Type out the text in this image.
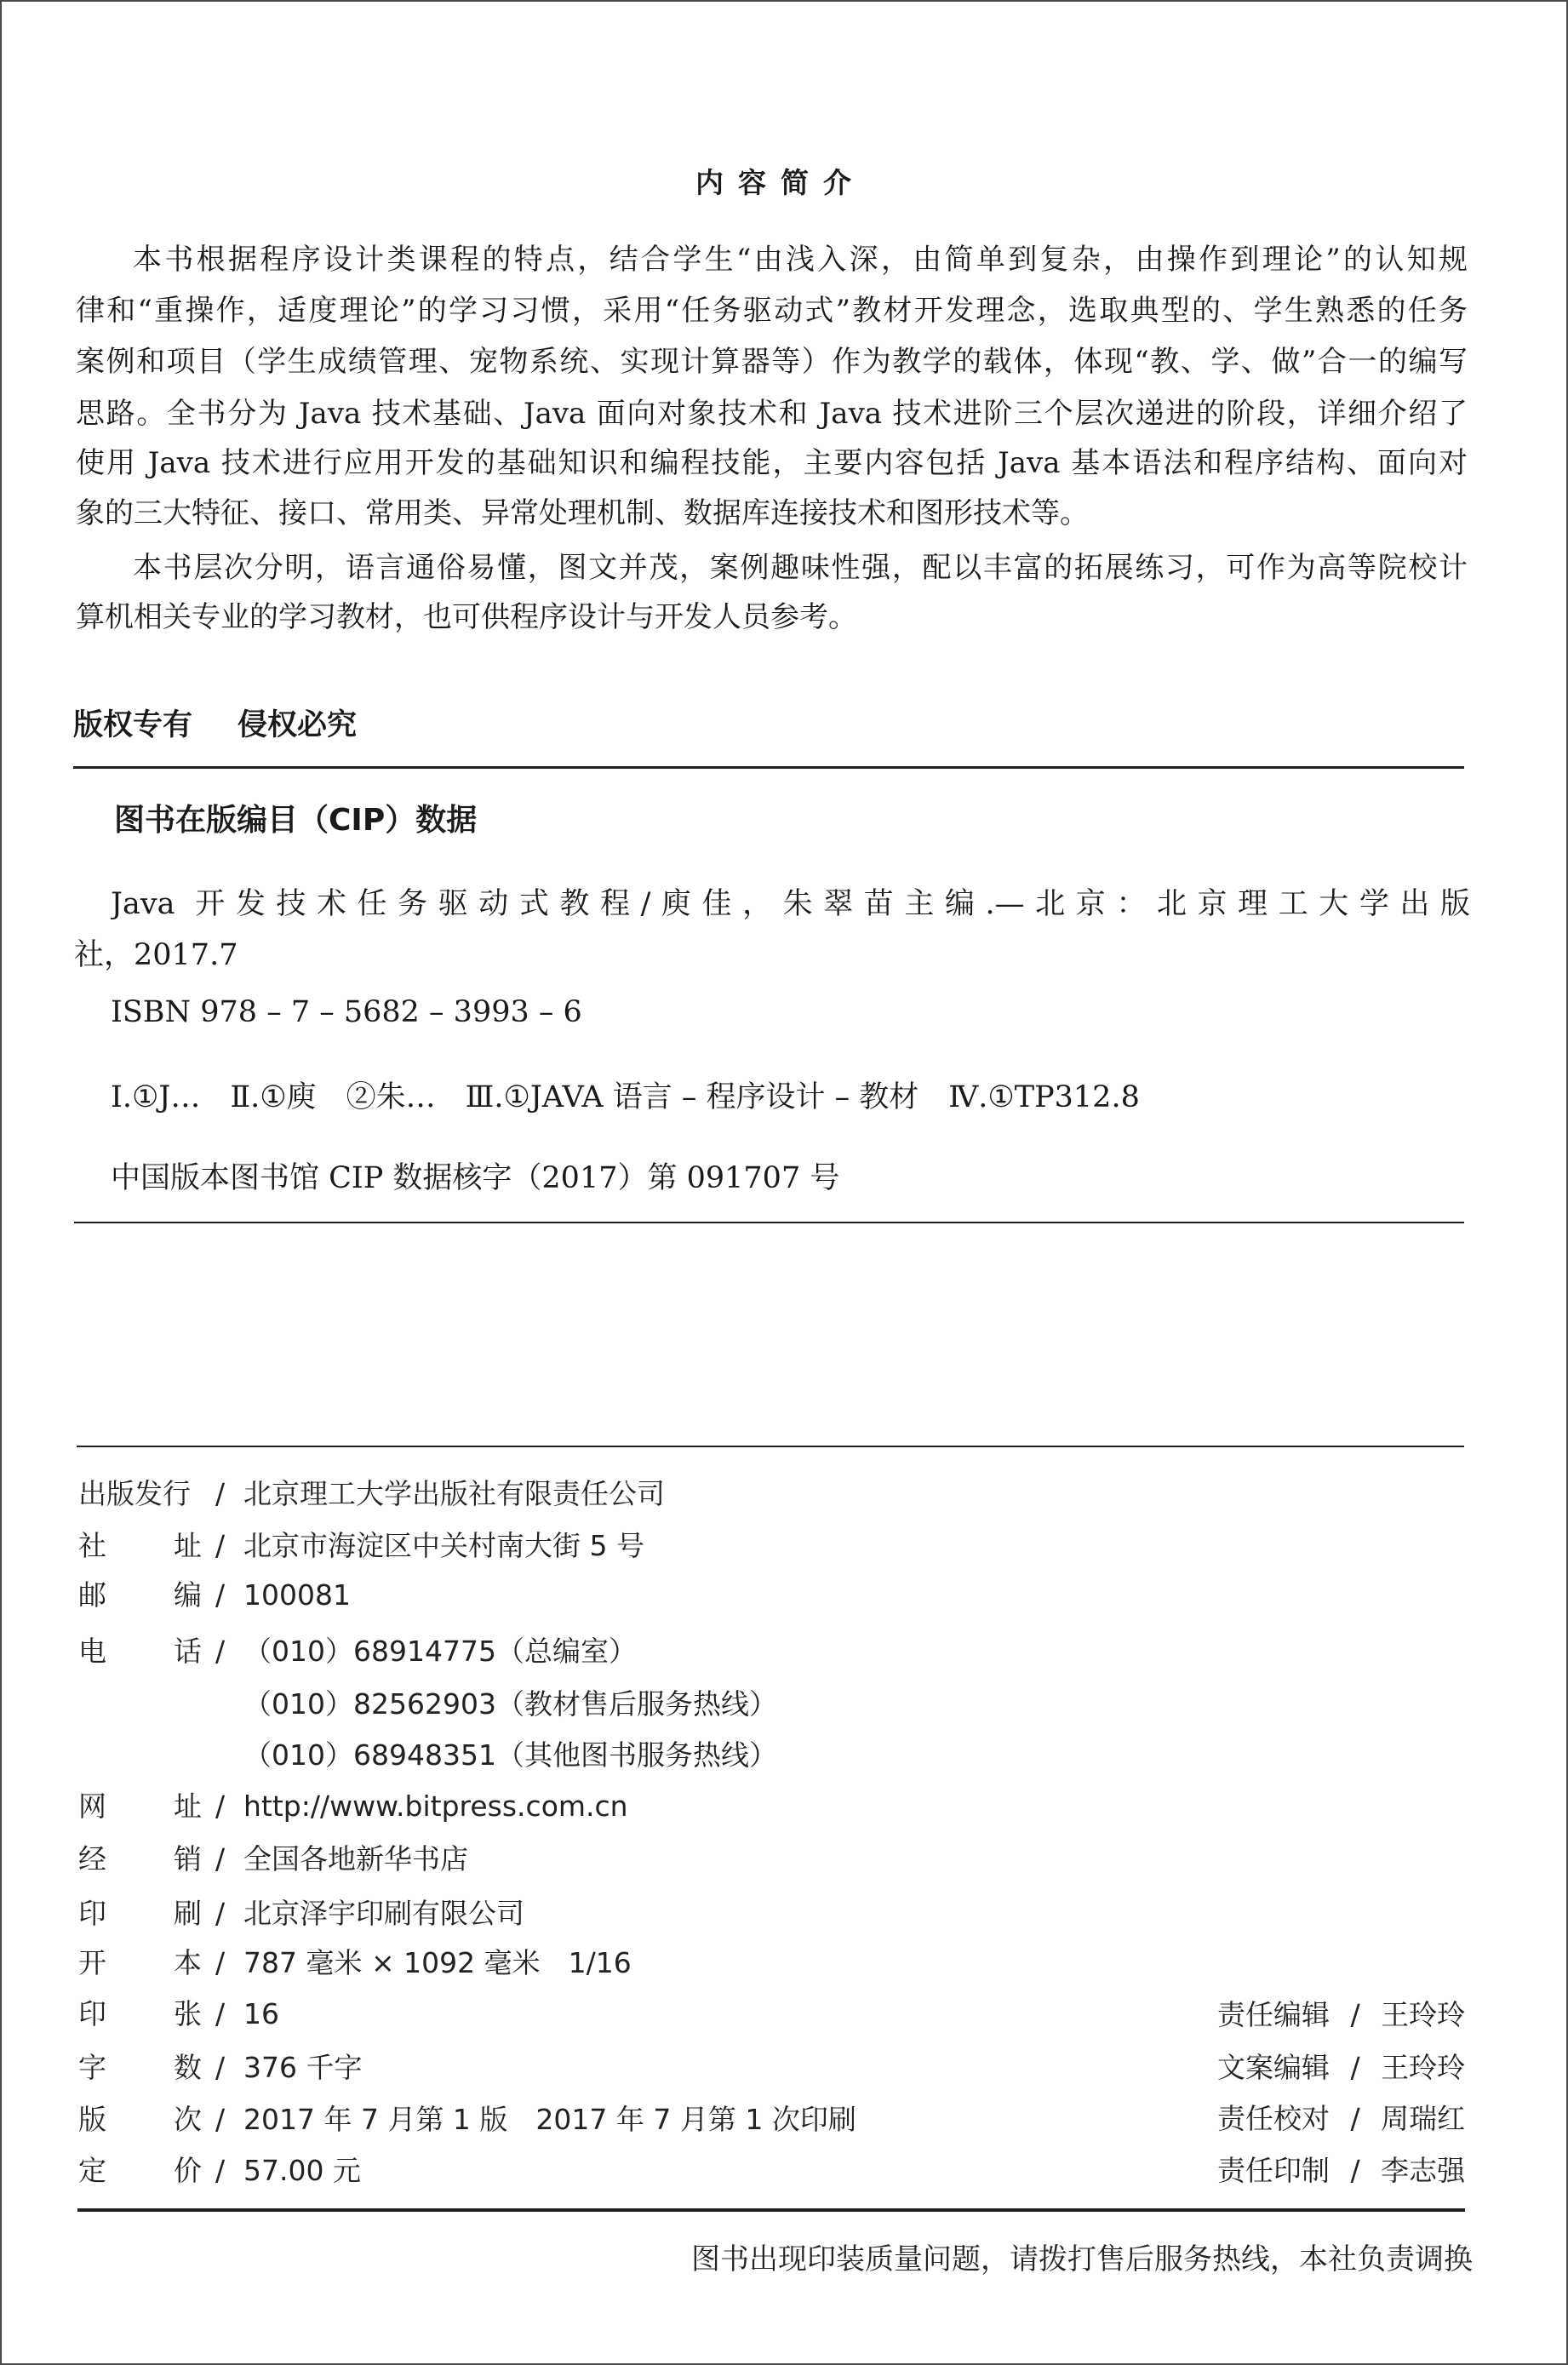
内容简介
本书根据程序设计类课程的特点，结合学生“由浅入深，由简单到复杂，由操作到理论”的认知规
律和“重操作，适度理论”的学习习惯，采用“任务驱动式”教材开发理念，选取典型的、学生熟悉的任务
案例和项目（学生成绩管理、宠物系统、实现计算器等）作为教学的载体，体现“教、学、做”合一的编写
思路。全书分为 Java 技术基础、Java 面向对象技术和 Java 技术进阶三个层次递进的阶段，详细介绍了
使用 Java 技术进行应用开发的基础知识和编程技能，主要内容包括 Java 基本语法和程序结构、面向对
象的三大特征、接口、常用类、异常处理机制、数据库连接技术和图形技术等。
本书层次分明，语言通俗易懂，图文并茂，案例趣味性强，配以丰富的拓展练习，可作为高等院校计
算机相关专业的学习教材，也可供程序设计与开发人员参考。
版权专有 侵权必究
图书在版编目（CIP）数据
Java 开发技术任务驱动式教程/庾佳，朱翠苗主编.—北京：北京理工大学出版
社，2017.7
ISBN 978 – 7 – 5682 – 3993 – 6
Ⅰ.①J…　Ⅱ.①庾　②朱…　Ⅲ.①JAVA 语言 – 程序设计 – 教材　Ⅳ.①TP312.8
中国版本图书馆 CIP 数据核字（2017）第 091707 号
出版发行 / 北京理工大学出版社有限责任公司
社 址 / 北京市海淀区中关村南大街 5 号
邮 编 / 100081
电 话 / （010）68914775（总编室）
（010）82562903（教材售后服务热线）
（010）68948351（其他图书服务热线）
网 址 / http://www.bitpress.com.cn
经 销 / 全国各地新华书店
印 刷 / 北京泽宇印刷有限公司
开 本 / 787 毫米 × 1092 毫米　1/16
印 张 / 16
字 数 / 376 千字
版 次 / 2017 年 7 月第 1 版　2017 年 7 月第 1 次印刷
定 价 / 57.00 元
责任编辑 / 王玲玲
文案编辑 / 王玲玲
责任校对 / 周瑞红
责任印制 / 李志强
图书出现印装质量问题，请拨打售后服务热线，本社负责调换
